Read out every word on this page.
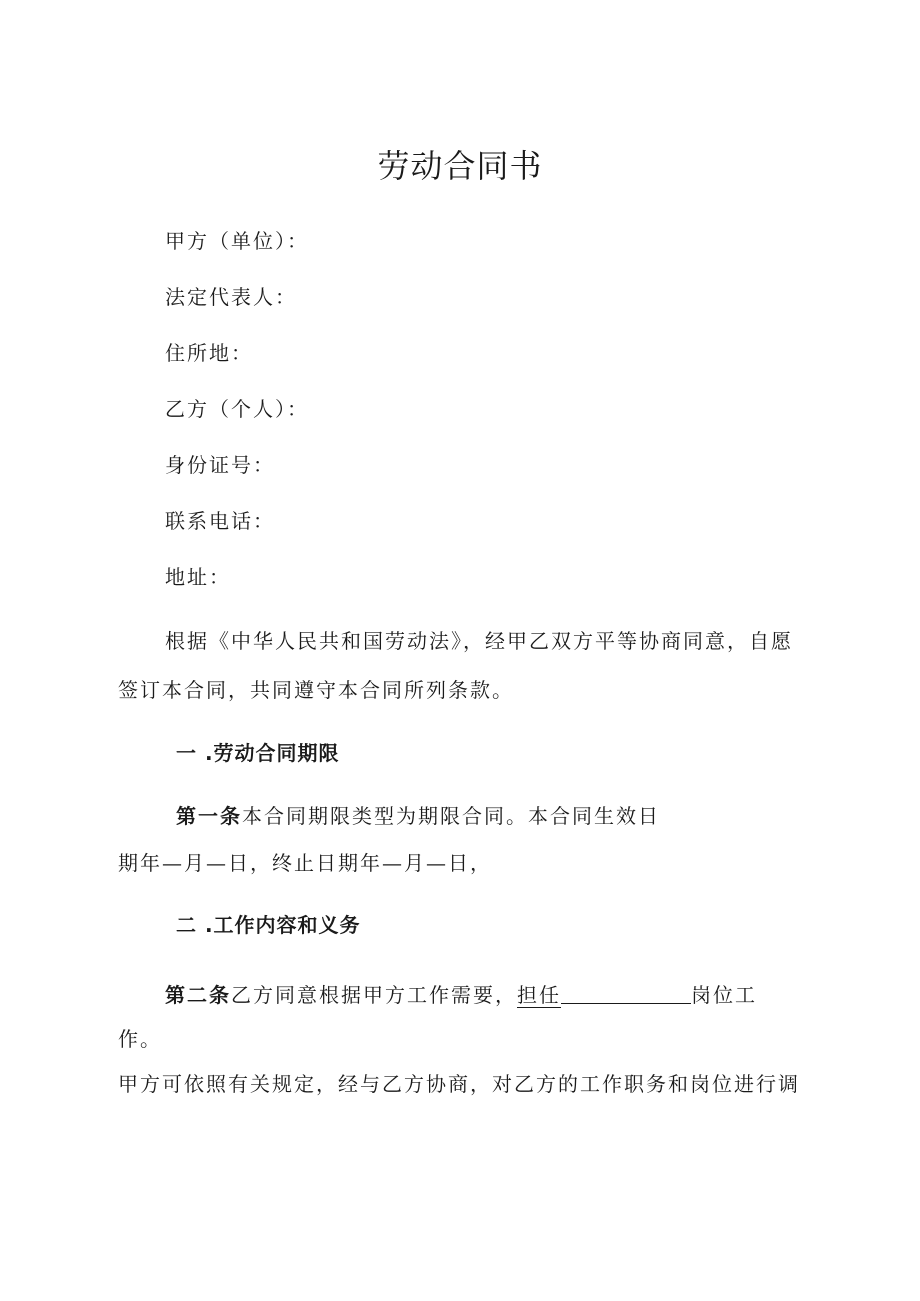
劳动合同书
甲方（单位）：
法定代表人：
住所地：
乙方（个人）：
身份证号：
联系电话：
地址：
根据《中华人民共和国劳动法》，经甲乙双方平等协商同意，自愿
签订本合同，共同遵守本合同所列条款。
一 .劳动合同期限
第一条本合同期限类型为期限合同。本合同生效日
期年—月—日，终止日期年—月—日，
二 .工作内容和义务
第二条乙方同意根据甲方工作需要，担任	岗位工
作。
甲方可依照有关规定，经与乙方协商，对乙方的工作职务和岗位进行调
